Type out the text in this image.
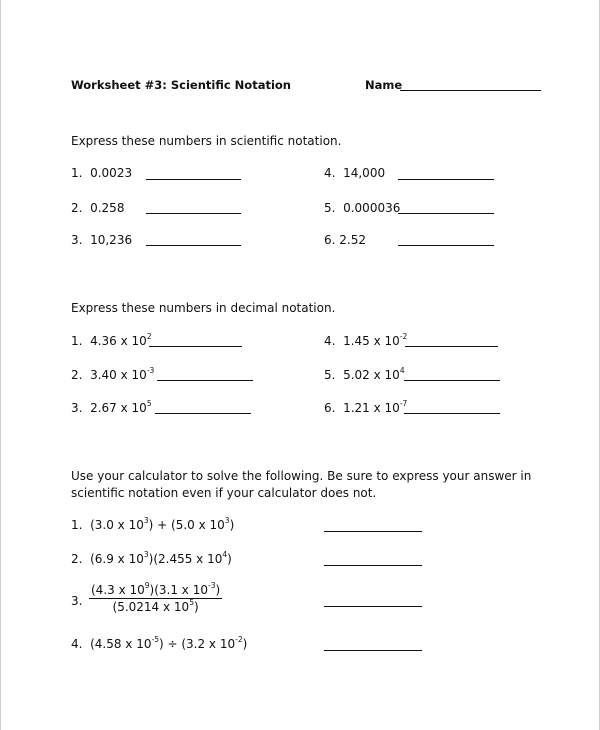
Worksheet #3: Scientific Notation	Name
Express these numbers in scientific notation.
1. 0.0023
2. 0.258
3. 10,236
4. 14,000
5. 0.000036
6. 2.52
Express these numbers in decimal notation.
1. 4.36 x $10^2$
2. 3.40 x $10^{-3}$
3. 2.67 x $10^5$
4. 1.45 x $10^{-2}$
5. 5.02 x $10^4$
6. 1.21 x $10^{-7}$
Use your calculator to solve the following. Be sure to express your answer in
scientific notation even if your calculator does not.
1. (3.0 x $10^3) + (5.0$ x $10^3$)
2. (6.9 x $10^3)(2.455$ x $10^4$)
3. $\frac{(4.3 x 10^9)(3.1 x 10^{-3})}{(5.0214 x 10^5)}$
4. (4.58 x $10^{-5}) \div (3.2$ x $10^{-2}$)
